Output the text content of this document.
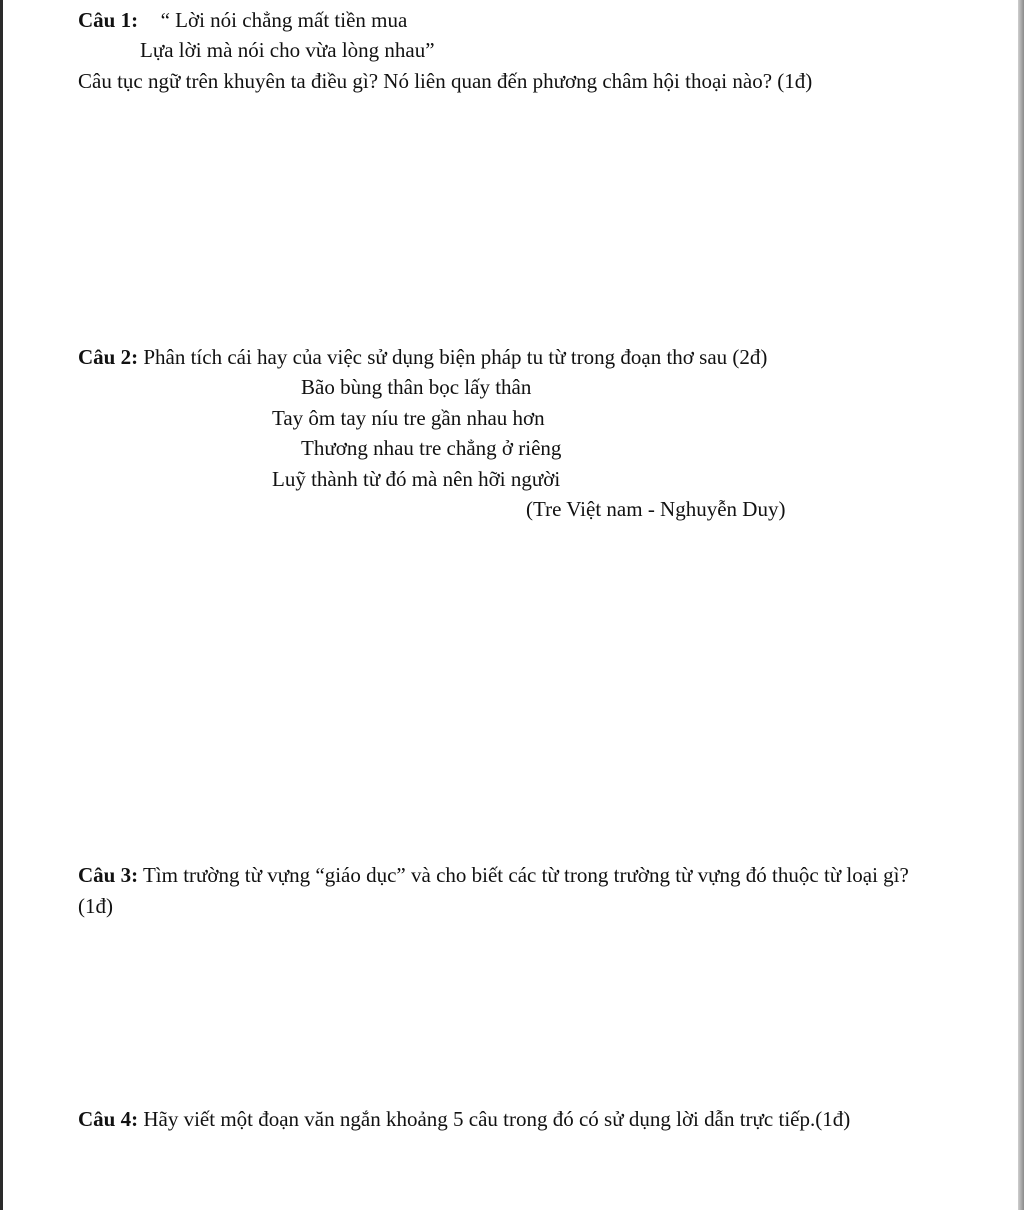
Câu 1: “ Lời nói chẳng mất tiền mua
Lựa lời mà nói cho vừa lòng nhau”
Câu tục ngữ trên khuyên ta điều gì? Nó liên quan đến phương châm hội thoại nào? (1đ)
Câu 2: Phân tích cái hay của việc sử dụng biện pháp tu từ trong đoạn thơ sau (2đ)
Bão bùng thân bọc lấy thân
Tay ôm tay níu tre gần nhau hơn
Thương nhau tre chẳng ở riêng
Luỹ thành từ đó mà nên hỡi người
(Tre Việt nam - Nghuyễn Duy)
Câu 3: Tìm trường từ vựng “giáo dục” và cho biết các từ trong trường từ vựng đó thuộc từ loại gì?
(1đ)
Câu 4: Hãy viết một đoạn văn ngắn khoảng 5 câu trong đó có sử dụng lời dẫn trực tiếp.(1đ)
